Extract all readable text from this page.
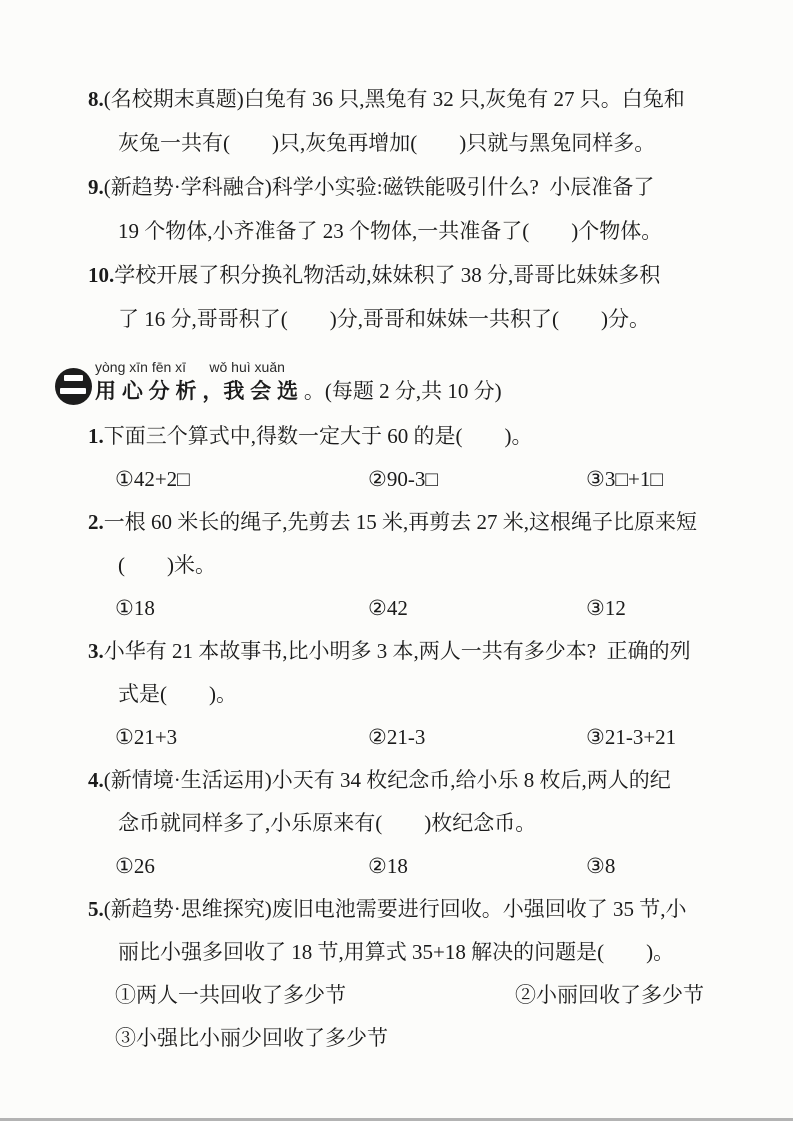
8.(名校期末真题)白兔有 36 只,黑兔有 32 只,灰兔有 27 只。白兔和
灰兔一共有(        )只,灰兔再增加(        )只就与黑兔同样多。
9.(新趋势·学科融合)科学小实验:磁铁能吸引什么?  小辰准备了
19 个物体,小齐准备了 23 个物体,一共准备了(        )个物体。
10.学校开展了积分换礼物活动,妹妹积了 38 分,哥哥比妹妹多积
了 16 分,哥哥积了(        )分,哥哥和妹妹一共积了(        )分。
yòng xīn fēn xī      wǒ huì xuǎn
用 心 分 析 ，我 会 选 。(每题 2 分,共 10 分)
1.下面三个算式中,得数一定大于 60 的是(        )。
①42+2□	②90-3□	③3□+1□
2.一根 60 米长的绳子,先剪去 15 米,再剪去 27 米,这根绳子比原来短
(        )米。
①18	②42	③12
3.小华有 21 本故事书,比小明多 3 本,两人一共有多少本?  正确的列
式是(        )。
①21+3	②21-3	③21-3+21
4.(新情境·生活运用)小天有 34 枚纪念币,给小乐 8 枚后,两人的纪
念币就同样多了,小乐原来有(        )枚纪念币。
①26	②18	③8
5.(新趋势·思维探究)废旧电池需要进行回收。小强回收了 35 节,小
丽比小强多回收了 18 节,用算式 35+18 解决的问题是(        )。
①两人一共回收了多少节	②小丽回收了多少节
③小强比小丽少回收了多少节
